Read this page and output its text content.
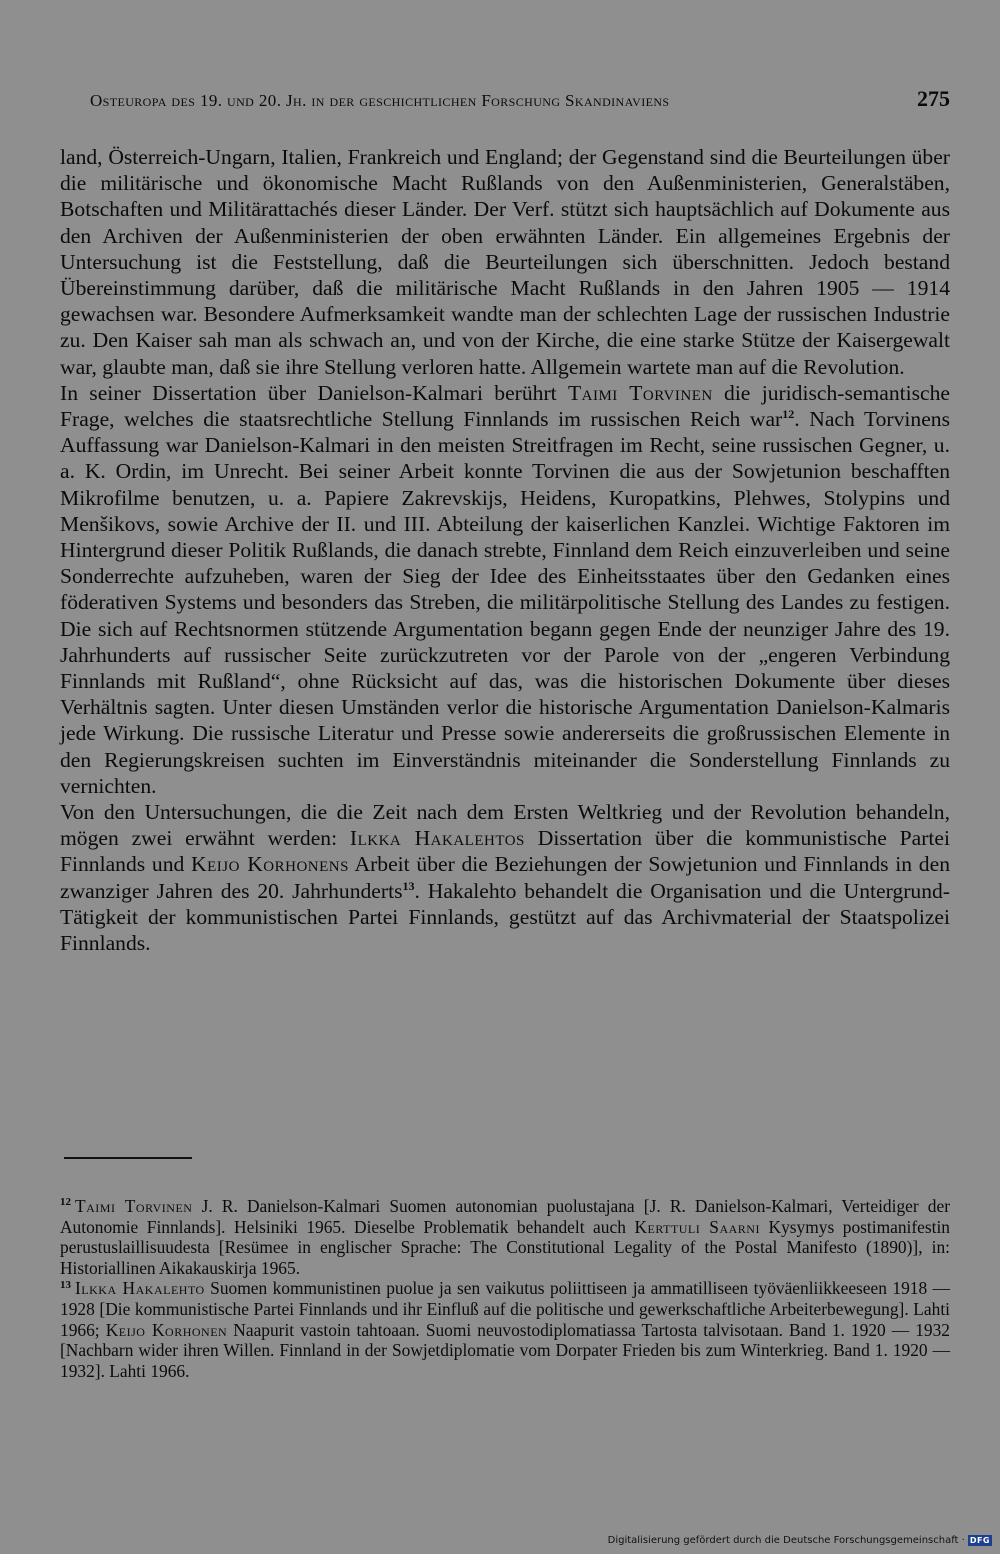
Osteuropa des 19. und 20. Jh. in der geschichtlichen Forschung Skandinaviens	275

land, Österreich-Ungarn, Italien, Frankreich und England; der Gegenstand sind die Beurteilungen über die militärische und ökonomische Macht Rußlands von den Außenministerien, Generalstäben, Botschaften und Militärattachés dieser Länder. Der Verf. stützt sich hauptsächlich auf Dokumente aus den Archiven der Außenministerien der oben erwähnten Länder. Ein allgemeines Ergebnis der Untersuchung ist die Feststellung, daß die Beurteilungen sich überschnitten. Jedoch bestand Übereinstimmung darüber, daß die militärische Macht Rußlands in den Jahren 1905 — 1914 gewachsen war. Besondere Aufmerksamkeit wandte man der schlechten Lage der russischen Industrie zu. Den Kaiser sah man als schwach an, und von der Kirche, die eine starke Stütze der Kaisergewalt war, glaubte man, daß sie ihre Stellung verloren hatte. Allgemein wartete man auf die Revolution.

In seiner Dissertation über Danielson-Kalmari berührt Taimi Torvinen die juridisch-semantische Frage, welches die staatsrechtliche Stellung Finnlands im russischen Reich war$^{12}$. Nach Torvinens Auffassung war Danielson-Kalmari in den meisten Streitfragen im Recht, seine russischen Gegner, u. a. K. Ordin, im Unrecht. Bei seiner Arbeit konnte Torvinen die aus der Sowjetunion beschafften Mikrofilme benutzen, u. a. Papiere Zakrevskijs, Heidens, Kuropatkins, Plehwes, Stolypins und Menšikovs, sowie Archive der II. und III. Abteilung der kaiserlichen Kanzlei. Wichtige Faktoren im Hintergrund dieser Politik Rußlands, die danach strebte, Finnland dem Reich einzuverleiben und seine Sonderrechte aufzuheben, waren der Sieg der Idee des Einheitsstaates über den Gedanken eines föderativen Systems und besonders das Streben, die militärpolitische Stellung des Landes zu festigen. Die sich auf Rechtsnormen stützende Argumentation begann gegen Ende der neunziger Jahre des 19. Jahrhunderts auf russischer Seite zurückzutreten vor der Parole von der „engeren Verbindung Finnlands mit Rußland“, ohne Rücksicht auf das, was die historischen Dokumente über dieses Verhältnis sagten. Unter diesen Umständen verlor die historische Argumentation Danielson-Kalmaris jede Wirkung. Die russische Literatur und Presse sowie andererseits die großrussischen Elemente in den Regierungskreisen suchten im Einverständnis miteinander die Sonderstellung Finnlands zu vernichten.

Von den Untersuchungen, die die Zeit nach dem Ersten Weltkrieg und der Revolution behandeln, mögen zwei erwähnt werden: Ilkka Hakalehtos Dissertation über die kommunistische Partei Finnlands und Keijo Korhonens Arbeit über die Beziehungen der Sowjetunion und Finnlands in den zwanziger Jahren des 20. Jahrhunderts$^{13}$. Hakalehto behandelt die Organisation und die Untergrund-Tätigkeit der kommunistischen Partei Finnlands, gestützt auf das Archivmaterial der Staatspolizei Finnlands.

$^{12}$ Taimi Torvinen J. R. Danielson-Kalmari Suomen autonomian puolustajana [J. R. Danielson-Kalmari, Verteidiger der Autonomie Finnlands]. Helsiniki 1965. Dieselbe Problematik behandelt auch Kerttuli Saarni Kysymys postimanifestin perustuslaillisuudesta [Resümee in englischer Sprache: The Constitutional Legality of the Postal Manifesto (1890)], in: Historiallinen Aikakauskirja 1965.

$^{13}$ Ilkka Hakalehto Suomen kommunistinen puolue ja sen vaikutus poliittiseen ja ammatilliseen työväenliikkeeseen 1918 — 1928 [Die kommunistische Partei Finnlands und ihr Einfluß auf die politische und gewerkschaftliche Arbeiterbewegung]. Lahti 1966; Keijo Korhonen Naapurit vastoin tahtoaan. Suomi neuvostodiplomatiassa Tartosta talvisotaan. Band 1. 1920 — 1932 [Nachbarn wider ihren Willen. Finnland in der Sowjetdiplomatie vom Dorpater Frieden bis zum Winterkrieg. Band 1. 1920 — 1932]. Lahti 1966.

Digitalisierung gefördert durch die Deutsche Forschungsgemeinschaft · DFG
